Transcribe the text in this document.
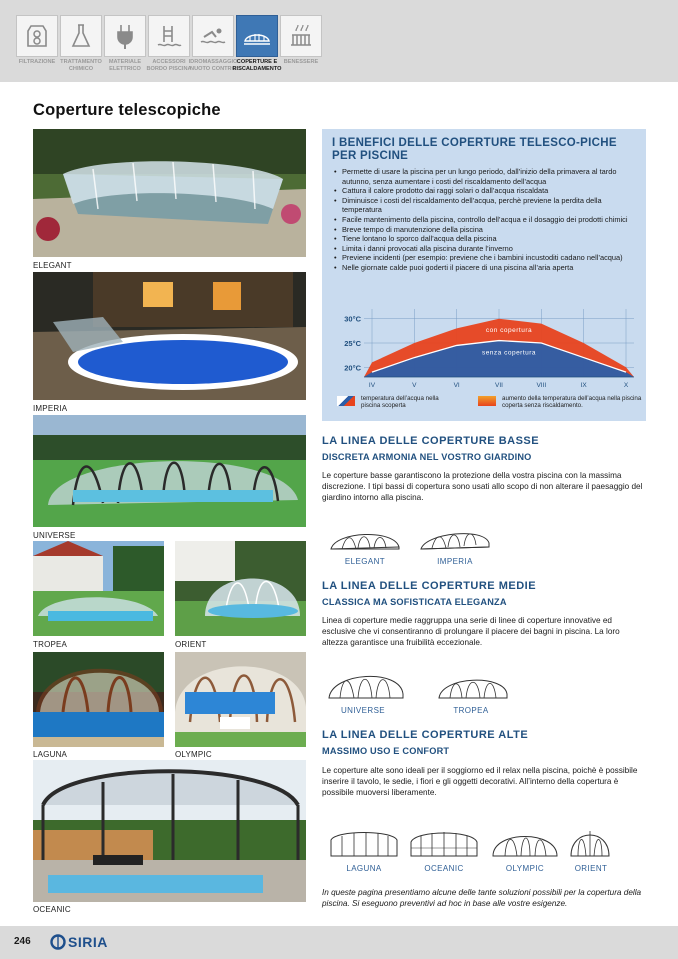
FILTRAZIONE TRATTAMENTO CHIMICO
MATERIALE ELETTRICO
ACCESSORI BORDO PISCINA
IDROMASSAGGIO NUOTO CONTRO
COPERTURE E RISCALDAMENTO
BENESSERE
Coperture telescopiche
ELEGANT
IMPERIA
UNIVERSE
TROPEA	ORIENT
LAGUNA	OLYMPIC
OCEANIC
I BENEFICI DELLE COPERTURE TELESCO-PICHE PER PISCINE
• Permette di usare la piscina per un lungo periodo, dall’inizio della primavera al tardo autunno, senza aumentare i costi del riscaldamento dell’acqua
• Cattura il calore prodotto dai raggi solari o dall’acqua riscaldata
• Diminuisce i costi del riscaldamento dell’acqua, perchè previene la perdita della temperatura
• Facile mantenimento della piscina, controllo dell’acqua e il dosaggio dei prodotti chimici
• Breve tempo di manutenzione della piscina
• Tiene lontano lo sporco dall’acqua della piscina
• Limita i danni provocati alla piscina durante l’inverno
• Previene incidenti (per esempio: previene che i bambini incustoditi cadano nell’acqua)
• Nelle giornate calde puoi goderti il piacere di una piscina all’aria aperta
30°C
25°C
20°C
con copertura
senza copertura
IV	V	VI	VII	VIII	IX	X
temperatura dell’acqua nella piscina scoperta
aumento della temperatura dell’acqua nella piscina coperta senza riscaldamento.
LA LINEA DELLE COPERTURE BASSE
DISCRETA ARMONIA NEL VOSTRO GIARDINO
Le coperture basse garantiscono la protezione della vostra piscina con la massima discrezione. I tipi bassi di copertura sono usati allo scopo di non alterare il paesaggio del giardino intorno alla piscina.
ELEGANT	IMPERIA
LA LINEA DELLE COPERTURE MEDIE
CLASSICA MA SOFISTICATA ELEGANZA
Linea di coperture medie raggruppa una serie di linee di coperture innovative ed esclusive che vi consentiranno di prolungare il piacere dei bagni in piscina. La loro altezza garantisce una fruibilità eccezionale.
UNIVERSE	TROPEA
LA LINEA DELLE COPERTURE ALTE
MASSIMO USO E CONFORT
Le coperture alte sono ideali per il soggiorno ed il relax nella piscina, poichè è possibile inserire il tavolo, le sedie, i fiori e gli oggetti decorativi. All’interno della copertura è possibile muoversi liberamente.
LAGUNA	OCEANIC	OLYMPIC	ORIENT
In queste pagina presentiamo alcune delle tante soluzioni possibili per la copertura della piscina. Si eseguono preventivi ad hoc in base alle vostre esigenze.
246	SIRIA
